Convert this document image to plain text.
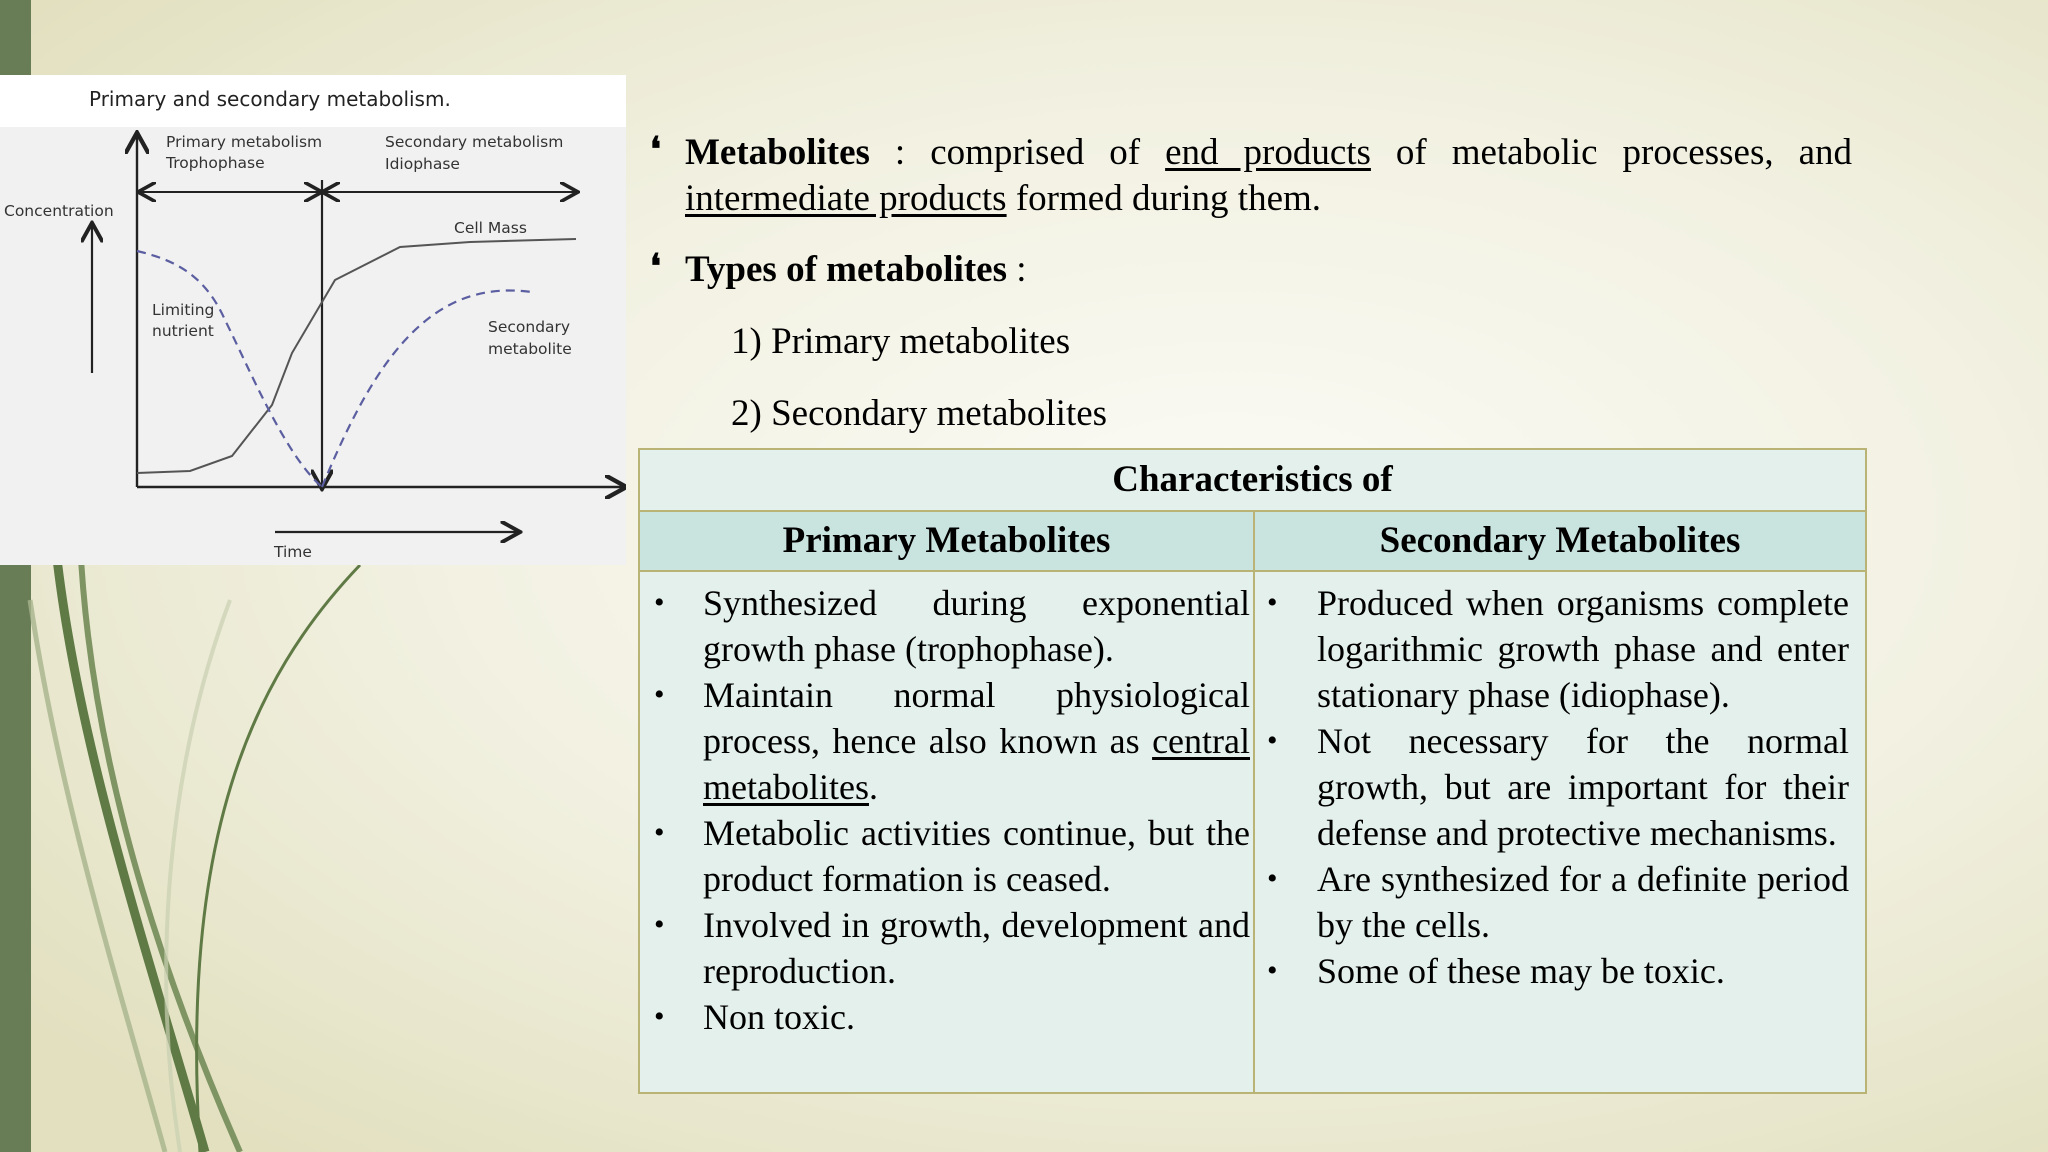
Primary and secondary metabolism.
Primary metabolism
Trophophase
Secondary metabolism
Idiophase
Concentration
Cell Mass
Limiting
nutrient	Secondary
metabolite
Time
❛ Metabolites : comprised of end products of metabolic processes, and
intermediate products formed during them.
❛ Types of metabolites :
1) Primary metabolites
2) Secondary metabolites
Characteristics of
Primary Metabolites	Secondary Metabolites
• Synthesized during exponential growth phase (trophophase).
• Maintain normal physiological process, hence also known as central metabolites.
• Metabolic activities continue, but the product formation is ceased.
• Involved in growth, development and reproduction.
• Non toxic.
• Produced when organisms complete logarithmic growth phase and enter stationary phase (idiophase).
• Not necessary for the normal growth, but are important for their defense and protective mechanisms.
• Are synthesized for a definite period by the cells.
• Some of these may be toxic.
